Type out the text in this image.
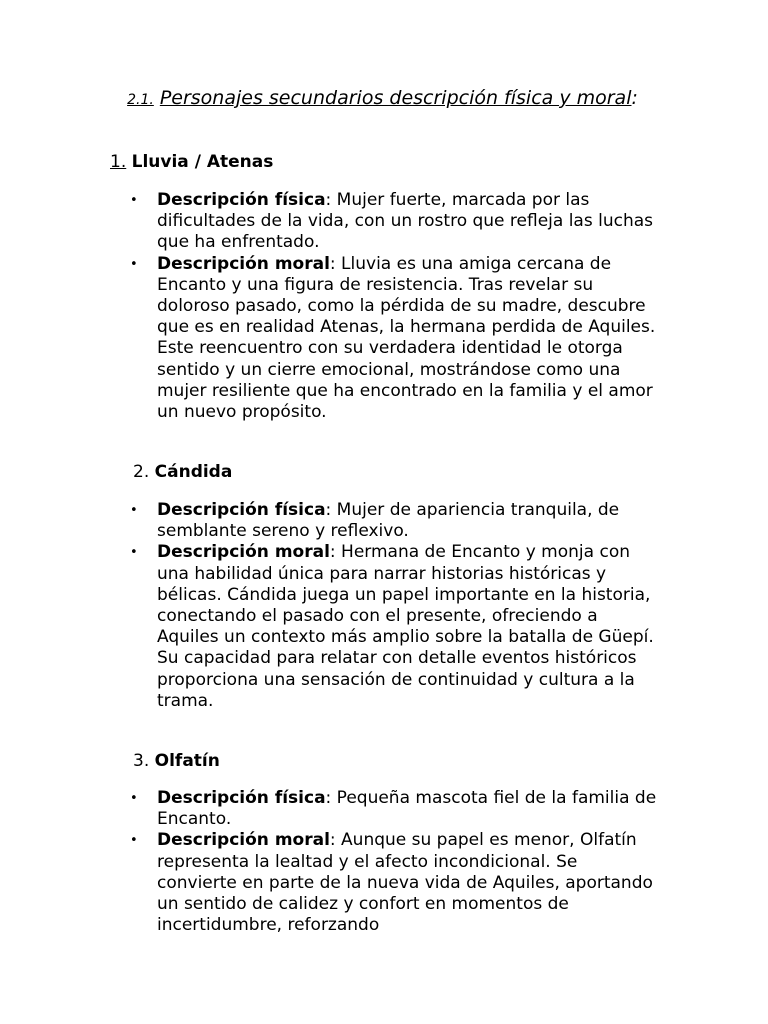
2.1. Personajes secundarios descripción física y moral:
1. Lluvia / Atenas
• Descripción física: Mujer fuerte, marcada por las dificultades de la vida, con un rostro que refleja las luchas que ha enfrentado.
• Descripción moral: Lluvia es una amiga cercana de Encanto y una figura de resistencia. Tras revelar su doloroso pasado, como la pérdida de su madre, descubre que es en realidad Atenas, la hermana perdida de Aquiles. Este reencuentro con su verdadera identidad le otorga sentido y un cierre emocional, mostrándose como una mujer resiliente que ha encontrado en la familia y el amor un nuevo propósito.
2. Cándida
• Descripción física: Mujer de apariencia tranquila, de semblante sereno y reflexivo.
• Descripción moral: Hermana de Encanto y monja con una habilidad única para narrar historias históricas y bélicas. Cándida juega un papel importante en la historia, conectando el pasado con el presente, ofreciendo a Aquiles un contexto más amplio sobre la batalla de Güepí. Su capacidad para relatar con detalle eventos históricos proporciona una sensación de continuidad y cultura a la trama.
3. Olfatín
• Descripción física: Pequeña mascota fiel de la familia de Encanto.
• Descripción moral: Aunque su papel es menor, Olfatín representa la lealtad y el afecto incondicional. Se convierte en parte de la nueva vida de Aquiles, aportando un sentido de calidez y confort en momentos de incertidumbre, reforzando
